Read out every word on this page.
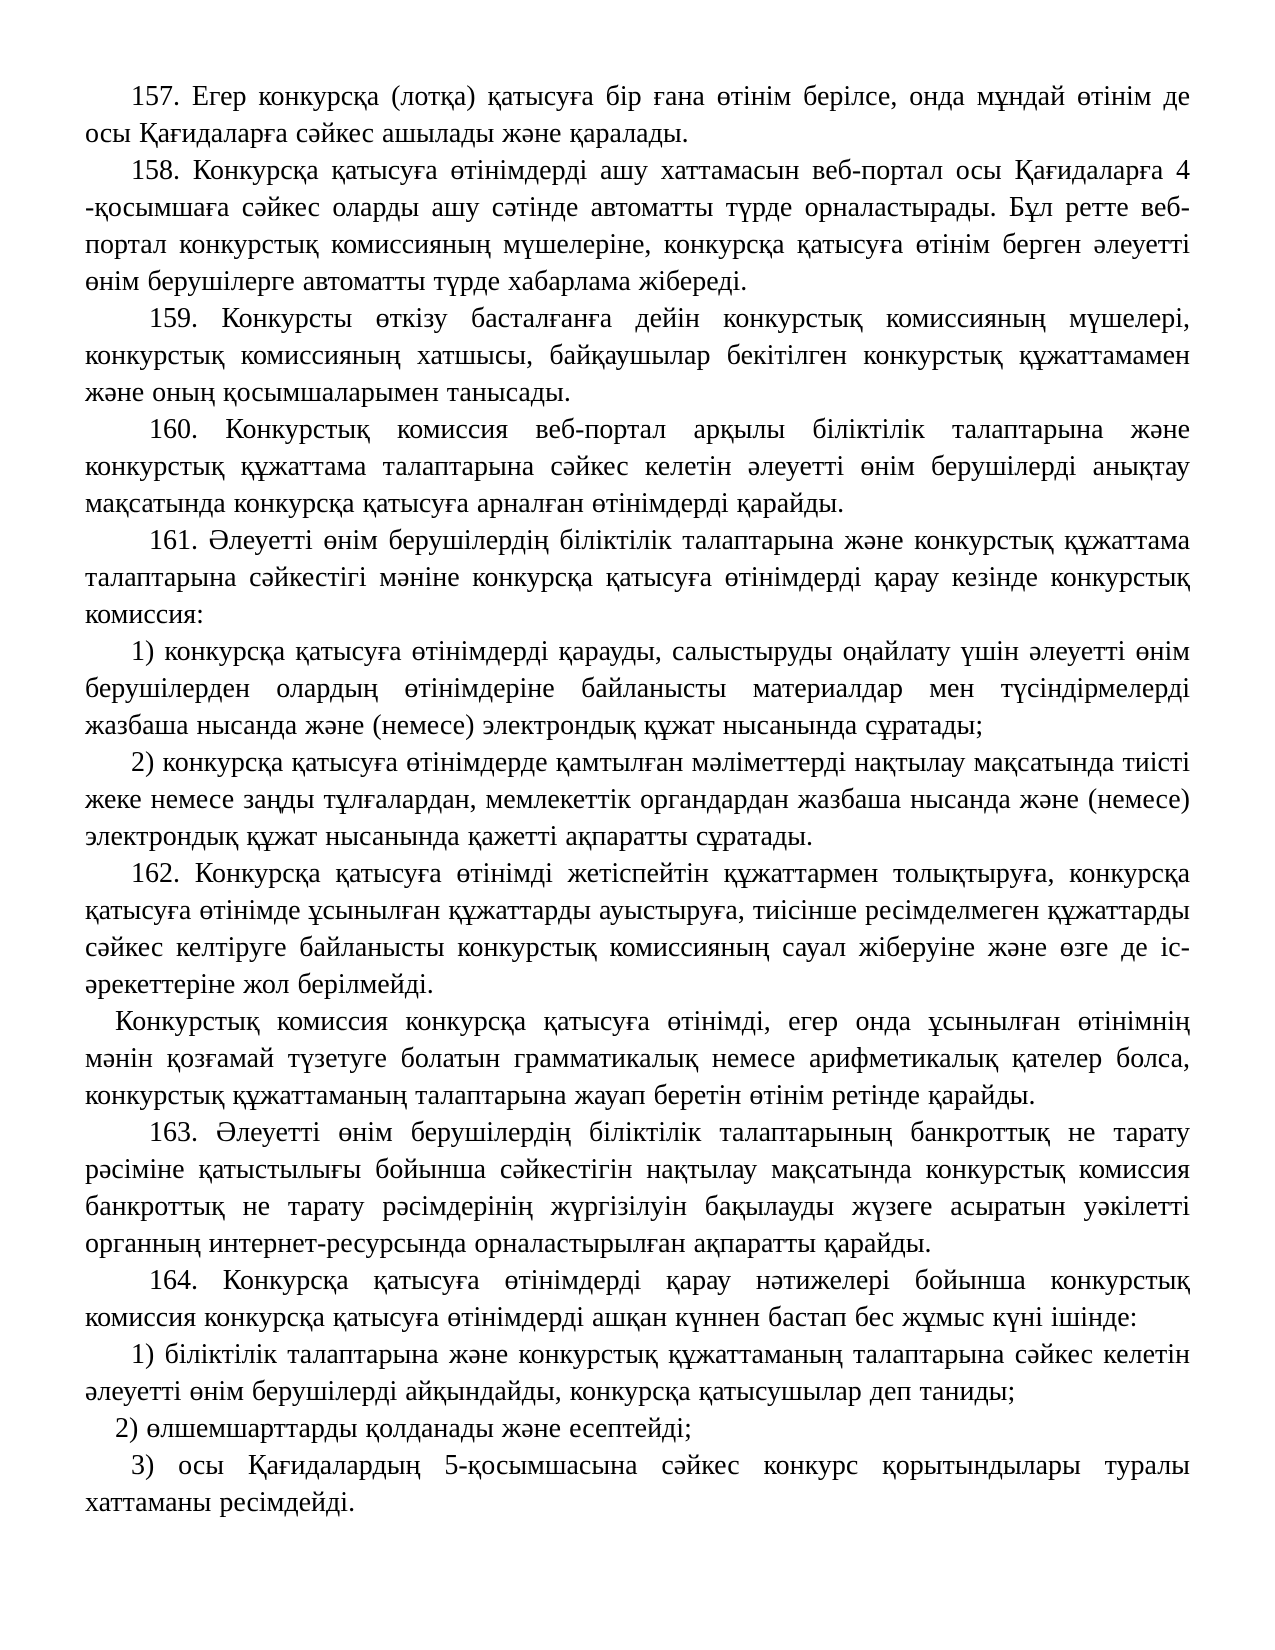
157. Егер конкурсқа (лотқа) қатысуға бір ғана өтінім берілсе, онда мұндай өтінім де осы Қағидаларға сәйкес ашылады және қаралады.

158. Конкурсқа қатысуға өтінімдерді ашу хаттамасын веб-портал осы Қағидаларға 4 -қосымшаға сәйкес оларды ашу сәтінде автоматты түрде орналастырады. Бұл ретте веб-портал конкурстық комиссияның мүшелеріне, конкурсқа қатысуға өтінім берген әлеуетті өнім берушілерге автоматты түрде хабарлама жібереді.

159. Конкурсты өткізу басталғанға дейін конкурстық комиссияның мүшелері, конкурстық комиссияның хатшысы, байқаушылар бекітілген конкурстық құжаттамамен және оның қосымшаларымен танысады.

160. Конкурстық комиссия веб-портал арқылы біліктілік талаптарына және конкурстық құжаттама талаптарына сәйкес келетін әлеуетті өнім берушілерді анықтау мақсатында конкурсқа қатысуға арналған өтінімдерді қарайды.

161. Әлеуетті өнім берушілердің біліктілік талаптарына және конкурстық құжаттама талаптарына сәйкестігі мәніне конкурсқа қатысуға өтінімдерді қарау кезінде конкурстық комиссия:

1) конкурсқа қатысуға өтінімдерді қарауды, салыстыруды оңайлату үшін әлеуетті өнім берушілерден олардың өтінімдеріне байланысты материалдар мен түсіндірмелерді жазбаша нысанда және (немесе) электрондық құжат нысанында сұратады;

2) конкурсқа қатысуға өтінімдерде қамтылған мәліметтерді нақтылау мақсатында тиісті жеке немесе заңды тұлғалардан, мемлекеттік органдардан жазбаша нысанда және (немесе) электрондық құжат нысанында қажетті ақпаратты сұратады.

162. Конкурсқа қатысуға өтінімді жетіспейтін құжаттармен толықтыруға, конкурсқа қатысуға өтінімде ұсынылған құжаттарды ауыстыруға, тиісінше ресімделмеген құжаттарды сәйкес келтіруге байланысты конкурстық комиссияның сауал жіберуіне және өзге де іс-әрекеттеріне жол берілмейді.

Конкурстық комиссия конкурсқа қатысуға өтінімді, егер онда ұсынылған өтінімнің мәнін қозғамай түзетуге болатын грамматикалық немесе арифметикалық қателер болса, конкурстық құжаттаманың талаптарына жауап беретін өтінім ретінде қарайды.

163. Әлеуетті өнім берушілердің біліктілік талаптарының банкроттық не тарату рәсіміне қатыстылығы бойынша сәйкестігін нақтылау мақсатында конкурстық комиссия банкроттық не тарату рәсімдерінің жүргізілуін бақылауды жүзеге асыратын уәкілетті органның интернет-ресурсында орналастырылған ақпаратты қарайды.

164. Конкурсқа қатысуға өтінімдерді қарау нәтижелері бойынша конкурстық комиссия конкурсқа қатысуға өтінімдерді ашқан күннен бастап бес жұмыс күні ішінде:

1) біліктілік талаптарына және конкурстық құжаттаманың талаптарына сәйкес келетін әлеуетті өнім берушілерді айқындайды, конкурсқа қатысушылар деп таниды;

2) өлшемшарттарды қолданады және есептейді;

3) осы Қағидалардың 5-қосымшасына сәйкес конкурс қорытындылары туралы хаттаманы ресімдейді.
